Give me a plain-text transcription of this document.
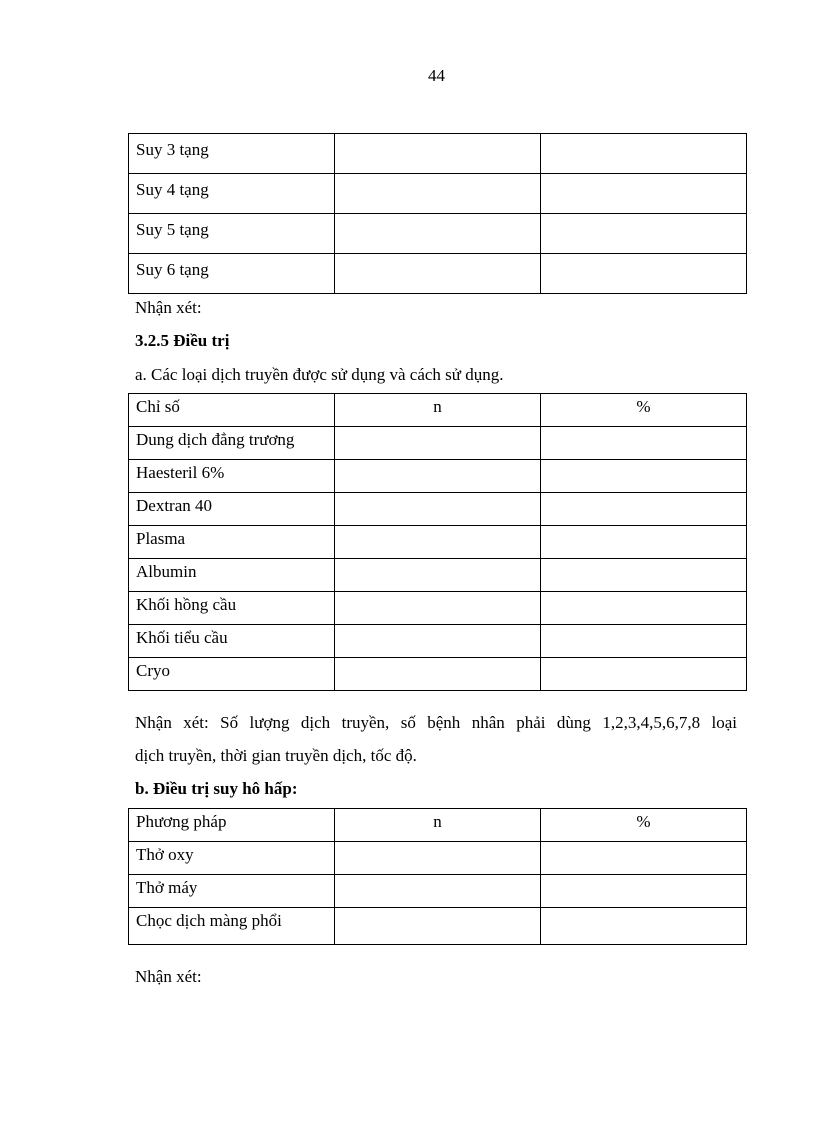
44
Suy 3 tạng		
Suy 4 tạng		
Suy 5 tạng		
Suy 6 tạng		
Nhận xét:
3.2.5 Điều trị
a. Các loại dịch truyền được sử dụng và cách sử dụng.
Chỉ số	n	%
Dung dịch đẳng trương		
Haesteril 6%		
Dextran 40		
Plasma		
Albumin		
Khối hồng cầu		
Khối tiểu cầu		
Cryo		
Nhận xét: Số lượng dịch truyền, số bệnh nhân phải dùng 1,2,3,4,5,6,7,8 loại
dịch truyền, thời gian truyền dịch, tốc độ.
b. Điều trị suy hô hấp:
Phương pháp	n	%
Thở oxy		
Thở máy		
Chọc dịch màng phổi		
Nhận xét:
